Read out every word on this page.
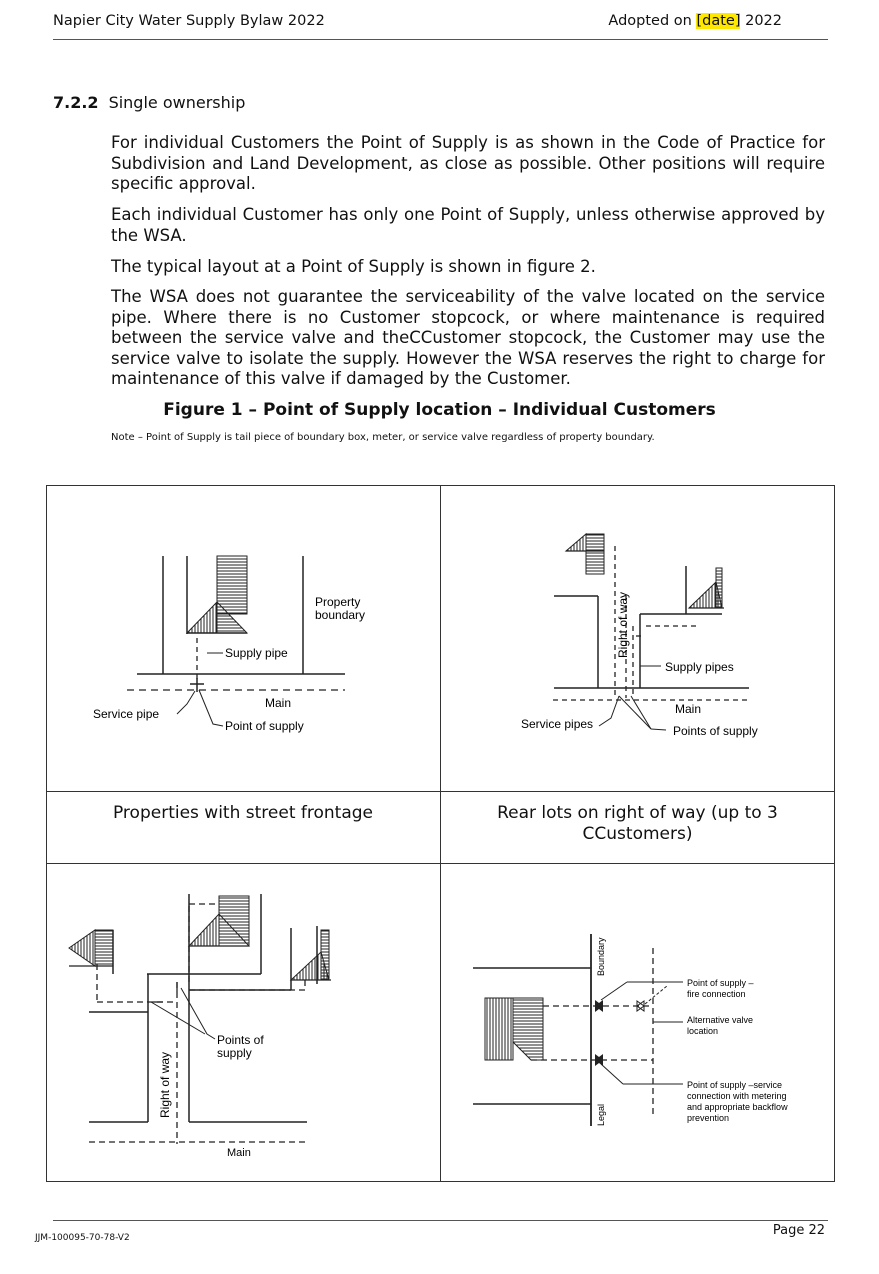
Napier City Water Supply Bylaw 2022	Adopted on [date] 2022
7.2.2 Single ownership

For individual Customers the Point of Supply is as shown in the Code of Practice for Subdivision and Land Development, as close as possible. Other positions will require specific approval.

Each individual Customer has only one Point of Supply, unless otherwise approved by the WSA.

The typical layout at a Point of Supply is shown in figure 2.

The WSA does not guarantee the serviceability of the valve located on the service pipe. Where there is no Customer stopcock, or where maintenance is required between the service valve and theCCustomer stopcock, the Customer may use the service valve to isolate the supply. However the WSA reserves the right to charge for maintenance of this valve if damaged by the Customer.

Figure 1 – Point of Supply location – Individual Customers
Note – Point of Supply is tail piece of boundary box, meter, or service valve regardless of property boundary.
Properties with street frontage	Rear lots on right of way (up to 3 CCustomers)
Property
boundary
Supply pipe
Main
Service pipe
Point of supply
Right of way
Supply pipes
Main
Service pipes	Points of supply
Points of
supply
Right of way
Main
Boundary
Legal
Point of supply –
fire connection
Alternative valve
location
Point of supply –service
connection with metering
and appropriate backflow
prevention
JJM-100095-70-78-V2	Page 22
